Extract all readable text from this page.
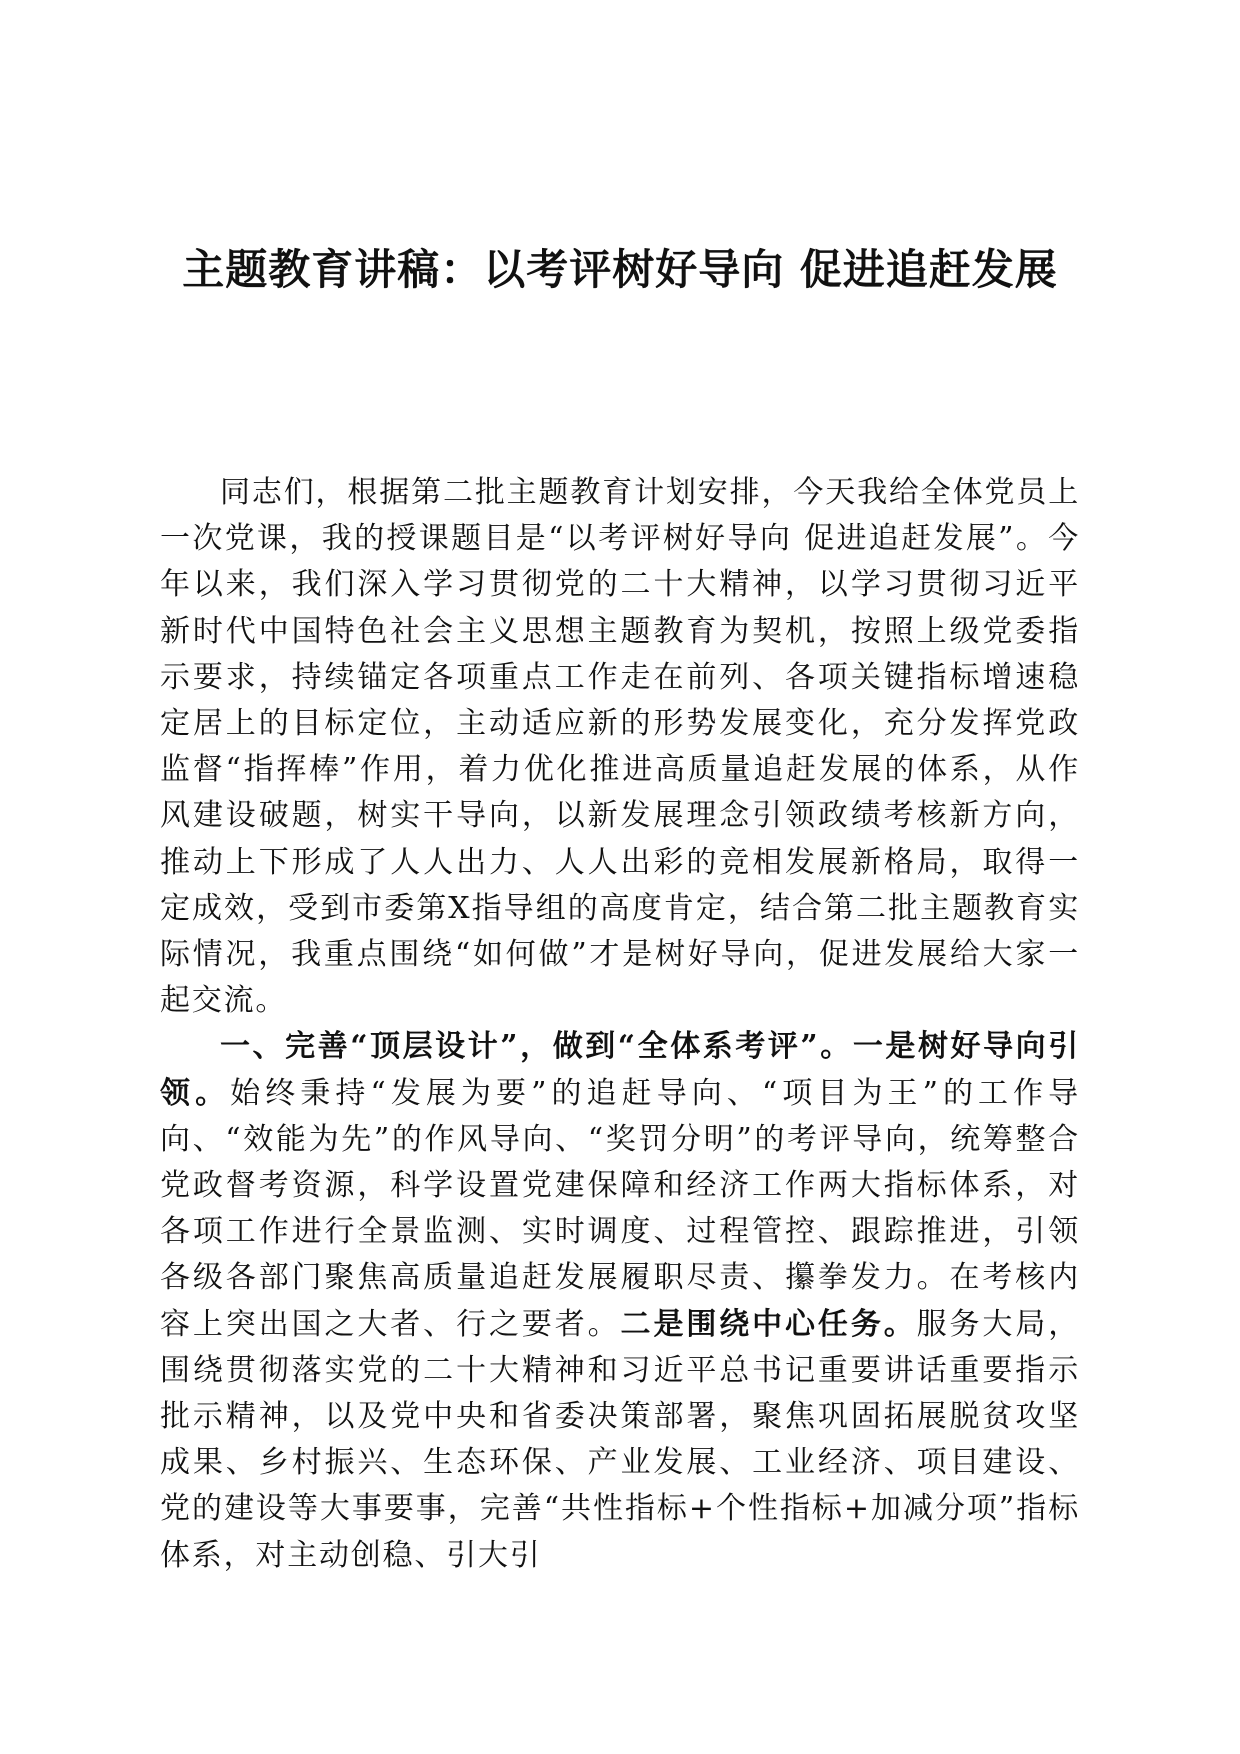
主题教育讲稿：以考评树好导向 促进追赶发展

同志们，根据第二批主题教育计划安排，今天我给全体党员上一次党课，我的授课题目是“以考评树好导向 促进追赶发展”。今年以来，我们深入学习贯彻党的二十大精神，以学习贯彻习近平新时代中国特色社会主义思想主题教育为契机，按照上级党委指示要求，持续锚定各项重点工作走在前列、各项关键指标增速稳定居上的目标定位，主动适应新的形势发展变化，充分发挥党政监督“指挥棒”作用，着力优化推进高质量追赶发展的体系，从作风建设破题，树实干导向，以新发展理念引领政绩考核新方向，推动上下形成了人人出力、人人出彩的竞相发展新格局，取得一定成效，受到市委第X指导组的高度肯定，结合第二批主题教育实际情况，我重点围绕“如何做”才是树好导向，促进发展给大家一起交流。

一、完善“顶层设计”，做到“全体系考评”。一是树好导向引领。始终秉持“发展为要”的追赶导向、“项目为王”的工作导向、“效能为先”的作风导向、“奖罚分明”的考评导向，统筹整合党政督考资源，科学设置党建保障和经济工作两大指标体系，对各项工作进行全景监测、实时调度、过程管控、跟踪推进，引领各级各部门聚焦高质量追赶发展履职尽责、攥拳发力。在考核内容上突出国之大者、行之要者。二是围绕中心任务。服务大局，围绕贯彻落实党的二十大精神和习近平总书记重要讲话重要指示批示精神，以及党中央和省委决策部署，聚焦巩固拓展脱贫攻坚成果、乡村振兴、生态环保、产业发展、工业经济、项目建设、党的建设等大事要事，完善“共性指标+个性指标+加减分项”指标体系，对主动创稳、引大引
